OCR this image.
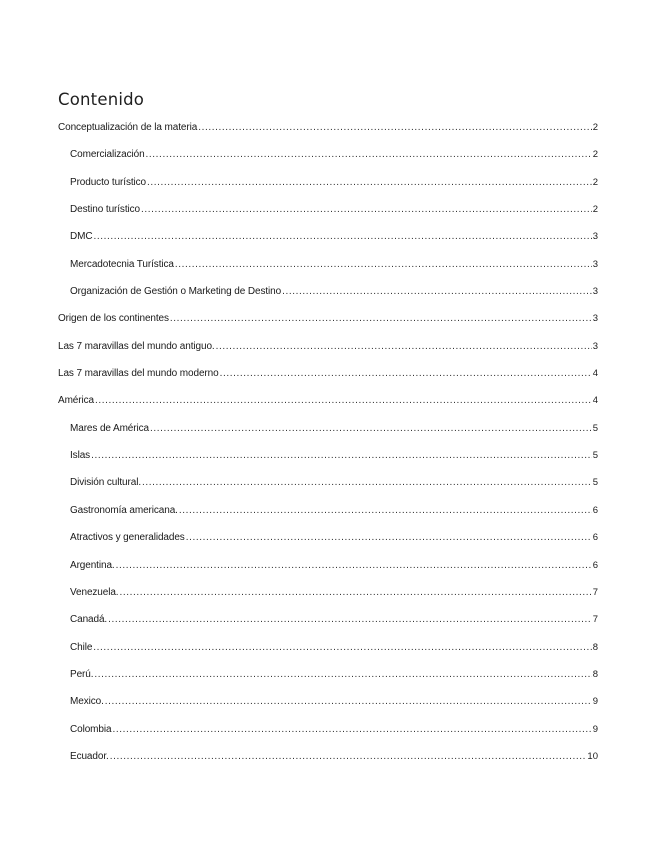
Contenido
Conceptualización de la materia .....	2
Comercialización .....	2
Producto turístico .....	2
Destino turístico .....	2
DMC .....	3
Mercadotecnia Turística .....	3
Organización de Gestión o Marketing de Destino .....	3
Origen de los continentes .....	3
Las 7 maravillas del mundo antiguo. .....	3
Las 7 maravillas del mundo moderno .....	4
América .....	4
Mares de América .....	5
Islas .....	5
División cultural. .....	5
Gastronomía americana. .....	6
Atractivos y generalidades .....	6
Argentina. .....	6
Venezuela. .....	7
Canadá. .....	7
Chile .....	8
Perú. .....	8
Mexico. .....	9
Colombia .....	9
Ecuador. .....	10
